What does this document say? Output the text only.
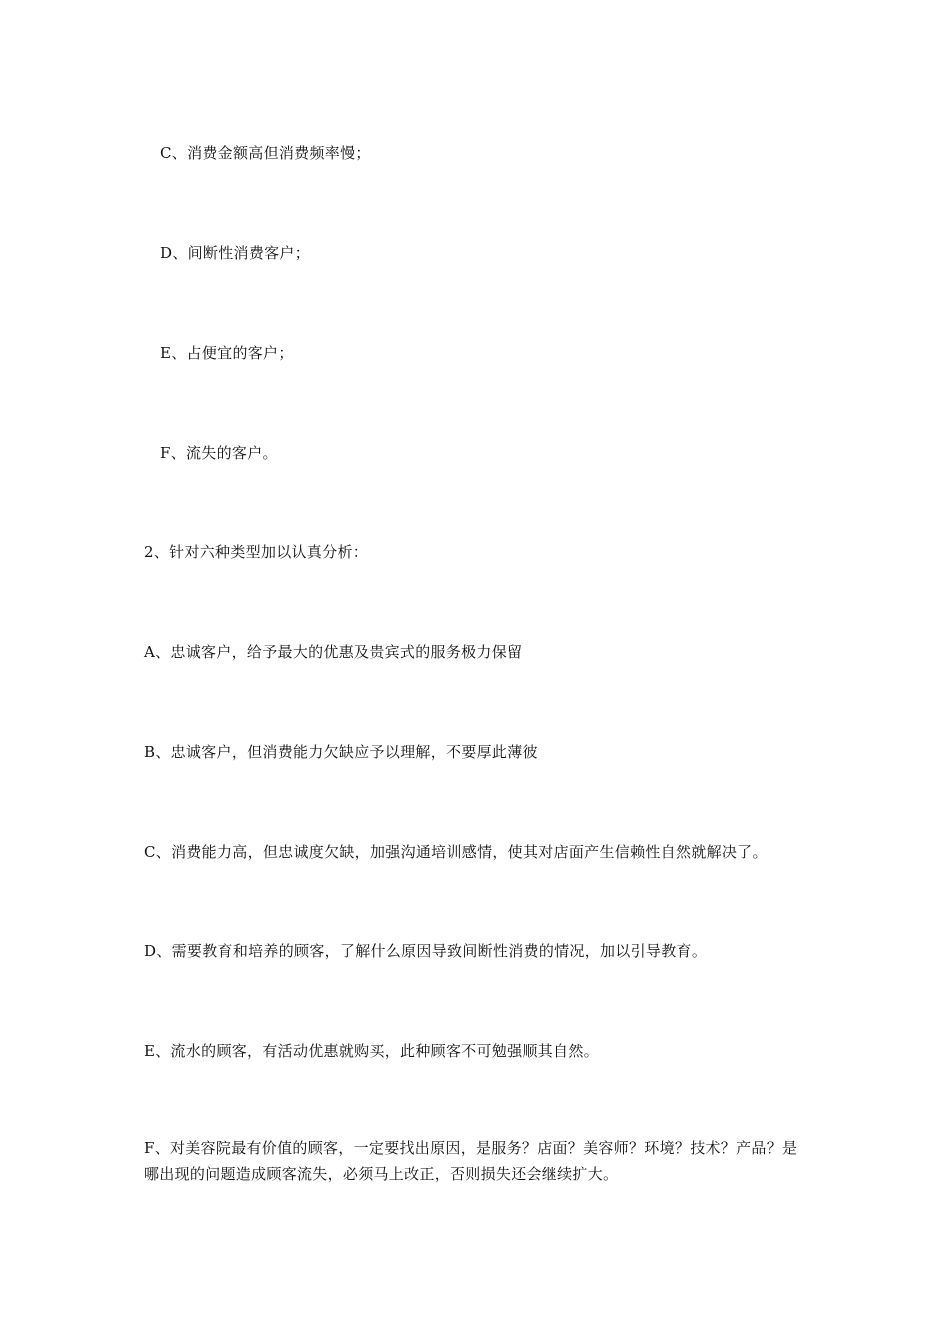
C、消费金额高但消费频率慢；
D、间断性消费客户；
E、占便宜的客户；
F、流失的客户。
2、针对六种类型加以认真分析：
A、忠诚客户，给予最大的优惠及贵宾式的服务极力保留
B、忠诚客户，但消费能力欠缺应予以理解，不要厚此薄彼
C、消费能力高，但忠诚度欠缺，加强沟通培训感情，使其对店面产生信赖性自然就解决了。
D、需要教育和培养的顾客，了解什么原因导致间断性消费的情况，加以引导教育。
E、流水的顾客，有活动优惠就购买，此种顾客不可勉强顺其自然。
F、对美容院最有价值的顾客，一定要找出原因，是服务？店面？美容师？环境？技术？产品？是哪出现的问题造成顾客流失，必须马上改正，否则损失还会继续扩大。
